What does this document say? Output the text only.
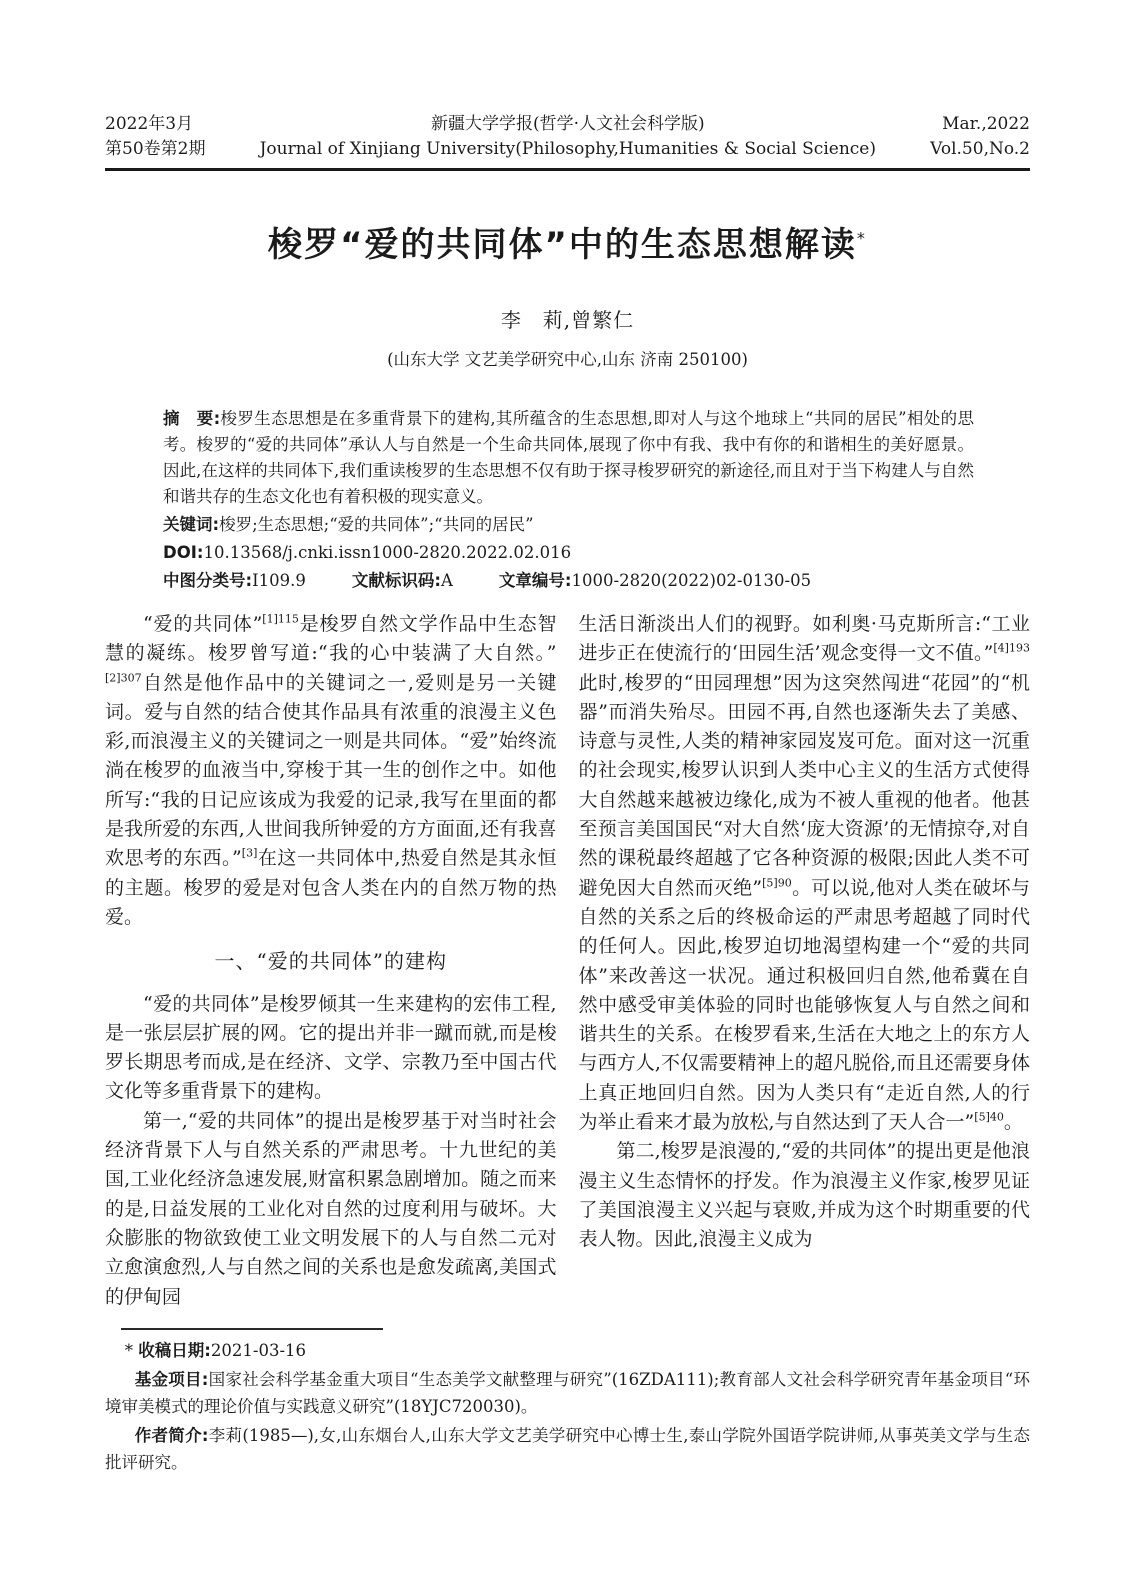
2022年3月
第50卷第2期
新疆大学学报(哲学·人文社会科学版)
Journal of Xinjiang University(Philosophy,Humanities & Social Science)
Mar.,2022
Vol.50,No.2
梭罗“爱的共同体”中的生态思想解读*
李　莉,曾繁仁
(山东大学 文艺美学研究中心,山东 济南 250100)

摘　要:梭罗生态思想是在多重背景下的建构,其所蕴含的生态思想,即对人与这个地球上“共同的居民”相处的思考。梭罗的“爱的共同体”承认人与自然是一个生命共同体,展现了你中有我、我中有你的和谐相生的美好愿景。因此,在这样的共同体下,我们重读梭罗的生态思想不仅有助于探寻梭罗研究的新途径,而且对于当下构建人与自然和谐共存的生态文化也有着积极的现实意义。

关键词:梭罗;生态思想;“爱的共同体”;“共同的居民”

DOI:10.13568/j.cnki.issn1000-2820.2022.02.016

中图分类号:I109.9	文献标识码:A	文章编号:1000-2820(2022)02-0130-05

“爱的共同体”$^{[1]115}$是梭罗自然文学作品中生态智慧的凝练。梭罗曾写道:“我的心中装满了大自然。”$^{[2]307}$自然是他作品中的关键词之一,爱则是另一关键词。爱与自然的结合使其作品具有浓重的浪漫主义色彩,而浪漫主义的关键词之一则是共同体。“爱”始终流淌在梭罗的血液当中,穿梭于其一生的创作之中。如他所写:“我的日记应该成为我爱的记录,我写在里面的都是我所爱的东西,人世间我所钟爱的方方面面,还有我喜欢思考的东西。”[3]在这一共同体中,热爱自然是其永恒的主题。梭罗的爱是对包含人类在内的自然万物的热爱。

一、“爱的共同体”的建构

“爱的共同体”是梭罗倾其一生来建构的宏伟工程,是一张层层扩展的网。它的提出并非一蹴而就,而是梭罗长期思考而成,是在经济、文学、宗教乃至中国古代文化等多重背景下的建构。

第一,“爱的共同体”的提出是梭罗基于对当时社会经济背景下人与自然关系的严肃思考。十九世纪的美国,工业化经济急速发展,财富积累急剧增加。随之而来的是,日益发展的工业化对自然的过度利用与破坏。大众膨胀的物欲致使工业文明发展下的人与自然二元对立愈演愈烈,人与自然之间的关系也是愈发疏离,美国式的伊甸园

生活日渐淡出人们的视野。如利奥·马克斯所言:“工业进步正在使流行的‘田园生活’观念变得一文不值。”$^{[4]193}$此时,梭罗的“田园理想”因为这突然闯进“花园”的“机器”而消失殆尽。田园不再,自然也逐渐失去了美感、诗意与灵性,人类的精神家园岌岌可危。面对这一沉重的社会现实,梭罗认识到人类中心主义的生活方式使得大自然越来越被边缘化,成为不被人重视的他者。他甚至预言美国国民“对大自然‘庞大资源’的无情掠夺,对自然的课税最终超越了它各种资源的极限;因此人类不可避免因大自然而灭绝”$^{[5]90}$。可以说,他对人类在破坏与自然的关系之后的终极命运的严肃思考超越了同时代的任何人。因此,梭罗迫切地渴望构建一个“爱的共同体”来改善这一状况。通过积极回归自然,他希冀在自然中感受审美体验的同时也能够恢复人与自然之间和谐共生的关系。在梭罗看来,生活在大地之上的东方人与西方人,不仅需要精神上的超凡脱俗,而且还需要身体上真正地回归自然。因为人类只有“走近自然,人的行为举止看来才最为放松,与自然达到了天人合一”$^{[5]40}$。

第二,梭罗是浪漫的,“爱的共同体”的提出更是他浪漫主义生态情怀的抒发。作为浪漫主义作家,梭罗见证了美国浪漫主义兴起与衰败,并成为这个时期重要的代表人物。因此,浪漫主义成为

* 收稿日期:2021-03-16

基金项目:国家社会科学基金重大项目“生态美学文献整理与研究”(16ZDA111);教育部人文社会科学研究青年基金项目“环境审美模式的理论价值与实践意义研究”(18YJC720030)。

作者简介:李莉(1985—),女,山东烟台人,山东大学文艺美学研究中心博士生,泰山学院外国语学院讲师,从事英美文学与生态批评研究。
